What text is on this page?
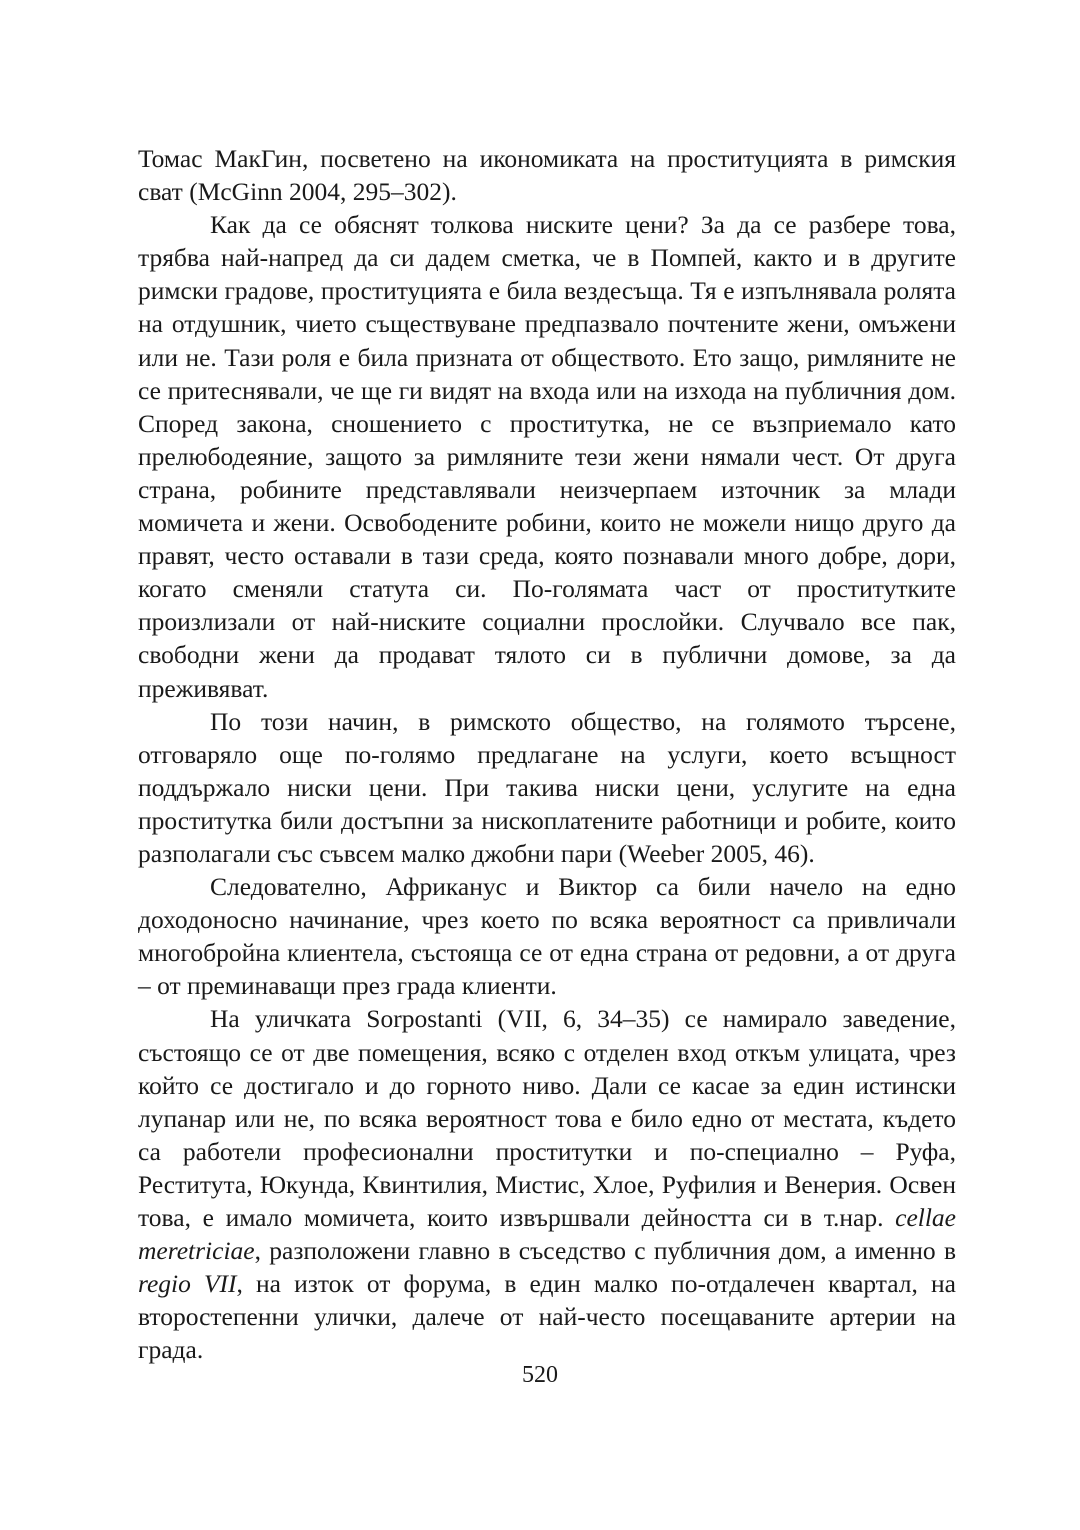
Томас МакГин, посветено на икономиката на проституцията в римския сват (McGinn 2004, 295–302).

Как да се обяснят толкова ниските цени? За да се разбере това, трябва най-напред да си дадем сметка, че в Помпей, както и в другите римски градове, проституцията е била вездесъща. Тя е изпълнявала ролята на отдушник, чието съществуване предпазвало почтените жени, омъжени или не. Тази роля е била призната от обществото. Ето защо, римляните не се притеснявали, че ще ги видят на входа или на изхода на публичния дом. Според закона, сношението с проститутка, не се възприемало като прелюбодеяние, защото за римляните тези жени нямали чест. От друга страна, робините представлявали неизчерпаем източник за млади момичета и жени. Освободените робини, които не можели нищо друго да правят, често оставали в тази среда, която познавали много добре, дори, когато сменяли статута си. По-голямата част от проститутките произлизали от най-ниските социални прослойки. Случвало все пак, свободни жени да продават тялото си в публични домове, за да преживяват.

По този начин, в римското общество, на голямото търсене, отговаряло още по-голямо предлагане на услуги, което всъщност поддържало ниски цени. При такива ниски цени, услугите на една проститутка били достъпни за нископлатените работници и робите, които разполагали със съвсем малко джобни пари (Weeber 2005, 46).

Следователно, Африканус и Виктор са били начело на едно доходоносно начинание, чрез което по всяка вероятност са привличали многобройна клиентела, състояща се от една страна от редовни, а от друга – от преминаващи през града клиенти.

На уличката Sorpostanti (VII, 6, 34–35) се намирало заведение, състоящо се от две помещения, всяко с отделен вход откъм улицата, чрез който се достигало и до горното ниво. Дали се касае за един истински лупанар или не, по всяка вероятност това е било едно от местата, където са работели професионални проститутки и по-специално – Руфа, Реститута, Юкунда, Квинтилия, Мистис, Хлое, Руфилия и Венерия. Освен това, е имало момичета, които извършвали дейността си в т.нар. cellae meretriciae, разположени главно в съседство с публичния дом, а именно в regio VII, на изток от форума, в един малко по-отдалечен квартал, на второстепенни улички, далече от най-често посещаваните артерии на града.

520
